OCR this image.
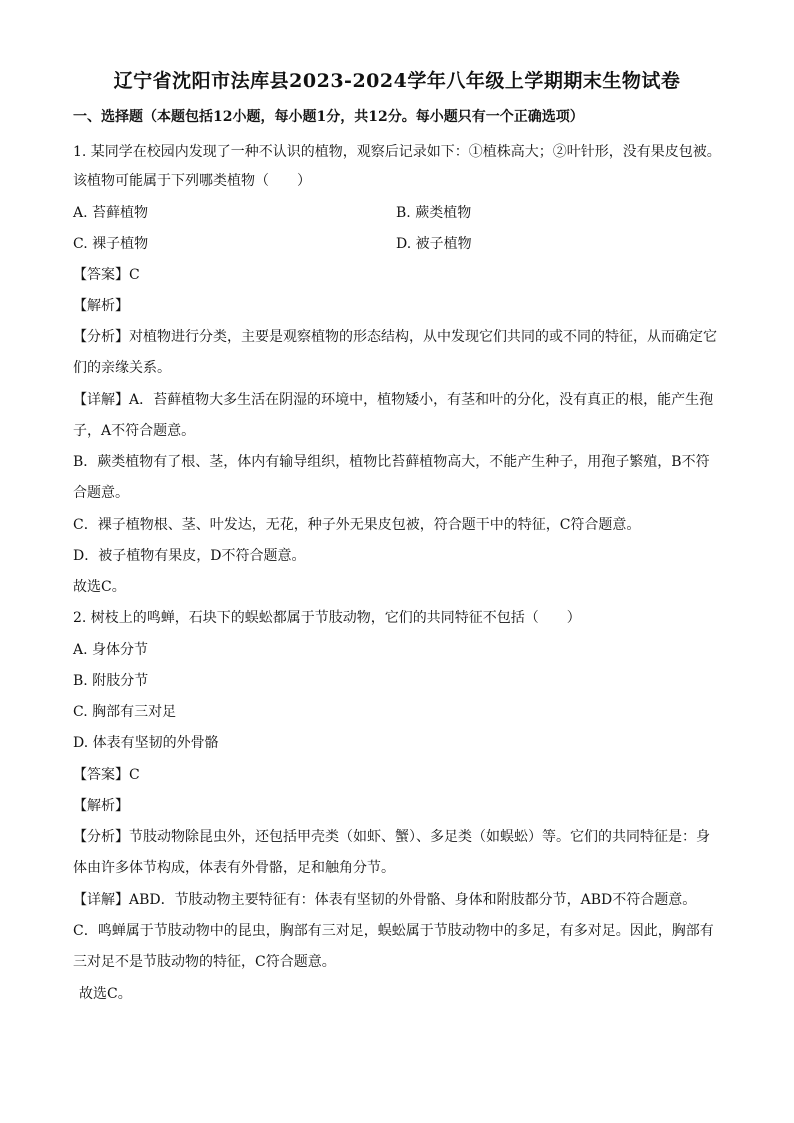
辽宁省沈阳市法库县2023-2024学年八年级上学期期末生物试卷
一、选择题（本题包括12小题，每小题1分，共12分。每小题只有一个正确选项）
1. 某同学在校园内发现了一种不认识的植物，观察后记录如下：①植株高大；②叶针形，没有果皮包被。
该植物可能属于下列哪类植物（　　）
A. 苔藓植物	B. 蕨类植物
C. 裸子植物	D. 被子植物
【答案】C
【解析】
【分析】对植物进行分类，主要是观察植物的形态结构，从中发现它们共同的或不同的特征，从而确定它
们的亲缘关系。
【详解】A．苔藓植物大多生活在阴湿的环境中，植物矮小，有茎和叶的分化，没有真正的根，能产生孢
子，A不符合题意。
B．蕨类植物有了根、茎，体内有输导组织，植物比苔藓植物高大，不能产生种子，用孢子繁殖，B不符
合题意。
C．裸子植物根、茎、叶发达，无花，种子外无果皮包被，符合题干中的特征，C符合题意。
D．被子植物有果皮，D不符合题意。
故选C。
2. 树枝上的鸣蝉，石块下的蜈蚣都属于节肢动物，它们的共同特征不包括（　　）
A. 身体分节
B. 附肢分节
C. 胸部有三对足
D. 体表有坚韧的外骨骼
【答案】C
【解析】
【分析】节肢动物除昆虫外，还包括甲壳类（如虾、蟹）、多足类（如蜈蚣）等。它们的共同特征是：身
体由许多体节构成，体表有外骨骼，足和触角分节。
【详解】ABD．节肢动物主要特征有：体表有坚韧的外骨骼、身体和附肢都分节，ABD不符合题意。
C．鸣蝉属于节肢动物中的昆虫，胸部有三对足，蜈蚣属于节肢动物中的多足，有多对足。因此，胸部有
三对足不是节肢动物的特征，C符合题意。
故选C。
